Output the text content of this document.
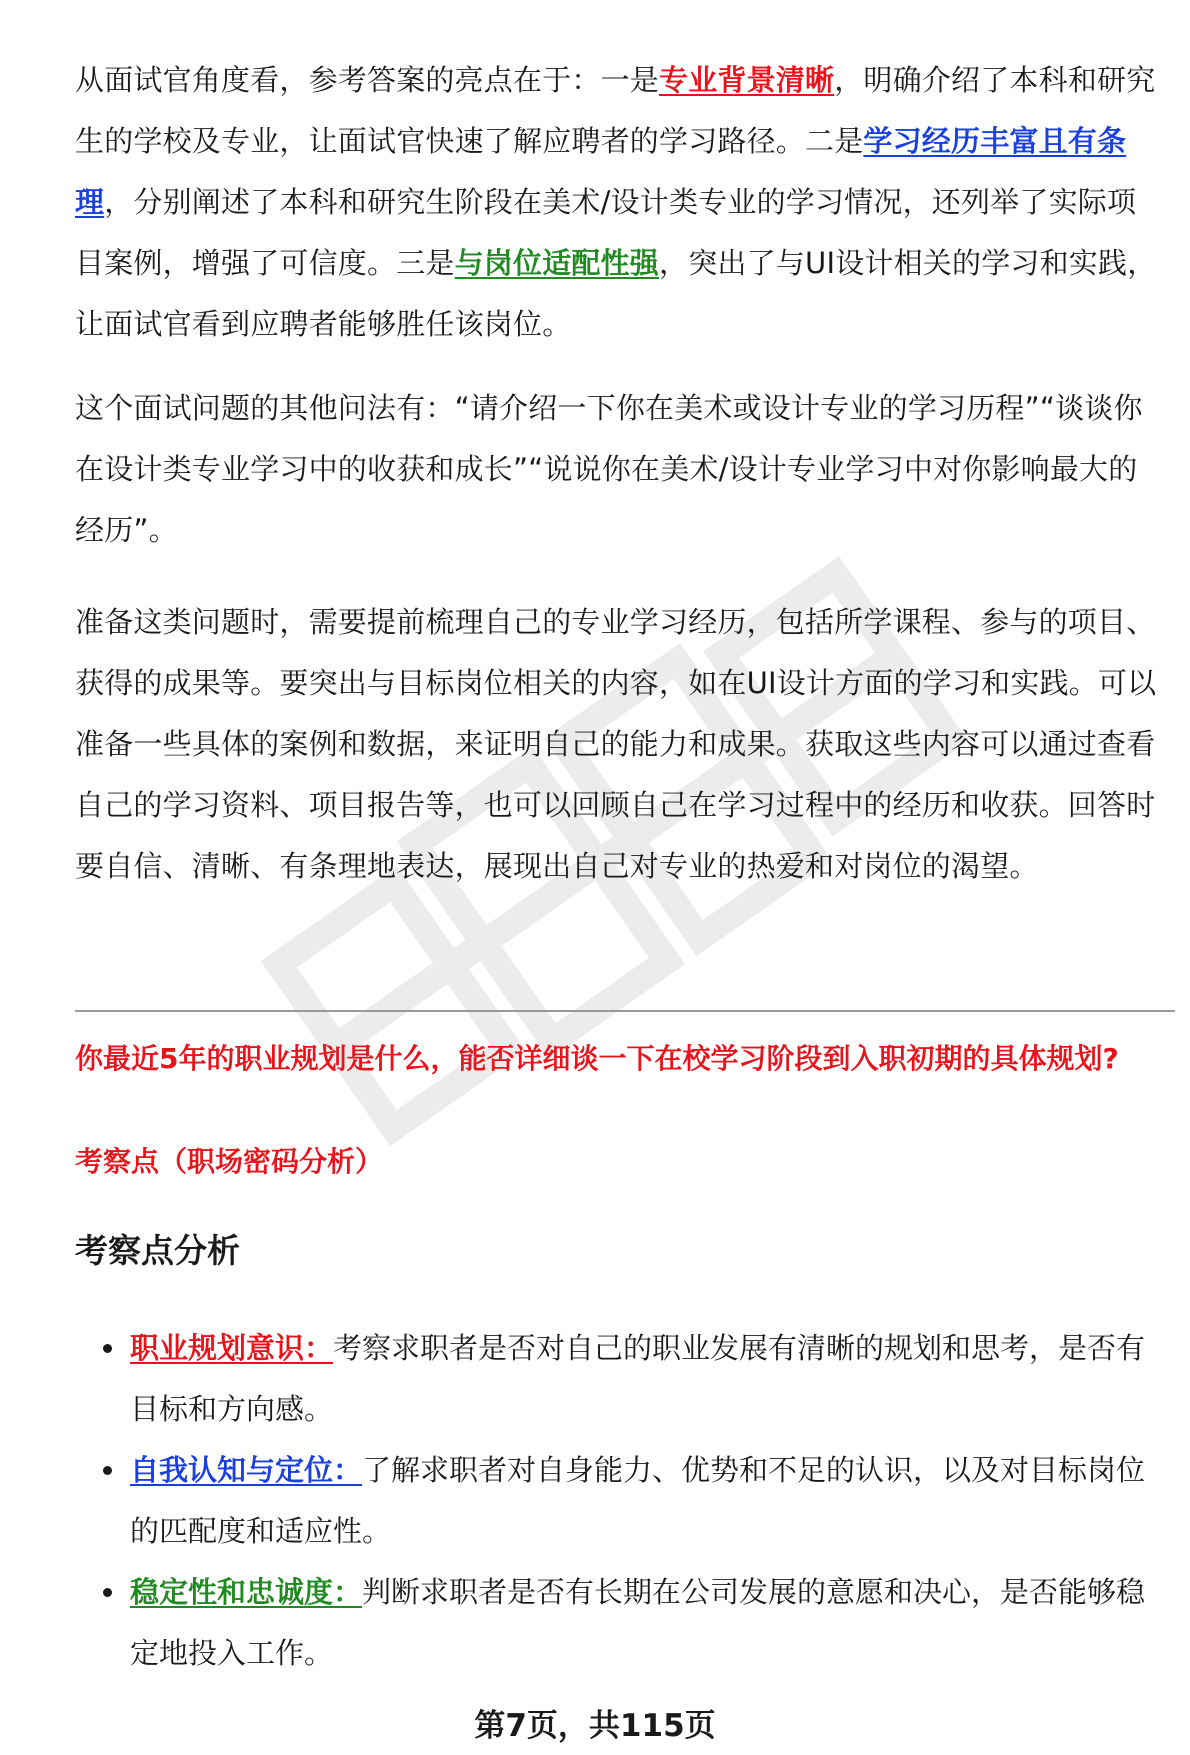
从面试官角度看，参考答案的亮点在于：一是专业背景清晰，明确介绍了本科和研究生的学校及专业，让面试官快速了解应聘者的学习路径。二是学习经历丰富且有条理，分别阐述了本科和研究生阶段在美术/设计类专业的学习情况，还列举了实际项目案例，增强了可信度。三是与岗位适配性强，突出了与UI设计相关的学习和实践，让面试官看到应聘者能够胜任该岗位。

这个面试问题的其他问法有：“请介绍一下你在美术或设计专业的学习历程”“谈谈你在设计类专业学习中的收获和成长”“说说你在美术/设计专业学习中对你影响最大的经历”。

准备这类问题时，需要提前梳理自己的专业学习经历，包括所学课程、参与的项目、获得的成果等。要突出与目标岗位相关的内容，如在UI设计方面的学习和实践。可以准备一些具体的案例和数据，来证明自己的能力和成果。获取这些内容可以通过查看自己的学习资料、项目报告等，也可以回顾自己在学习过程中的经历和收获。回答时要自信、清晰、有条理地表达，展现出自己对专业的热爱和对岗位的渴望。

你最近5年的职业规划是什么，能否详细谈一下在校学习阶段到入职初期的具体规划?

考察点（职场密码分析）

考察点分析
职业规划意识：考察求职者是否对自己的职业发展有清晰的规划和思考，是否有目标和方向感。
自我认知与定位：了解求职者对自身能力、优势和不足的认识，以及对目标岗位的匹配度和适应性。
稳定性和忠诚度：判断求职者是否有长期在公司发展的意愿和决心，是否能够稳定地投入工作。

第7页，共115页
